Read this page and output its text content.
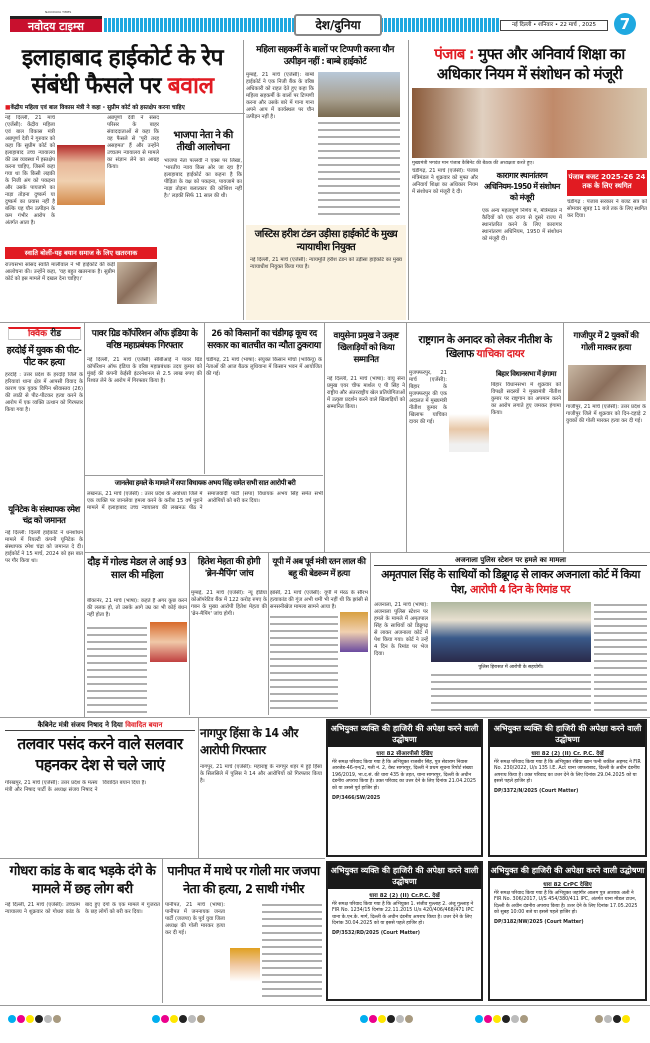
NAVODAYA TIMES
नवोदय टाइम्स	देश/दुनिया	नई दिल्ली • शनिवार • 22 मार्च , 2025	7
इलाहाबाद हाईकोर्ट के रेप
संबंधी फैसले पर बवाल
■केंद्रीय महिला एवं बाल विकास मंत्री ने कहा - सुप्रीम कोर्ट को हस्तक्षेप करना चाहिए
नई दिल्ली, 21 मार्च (एजेंसी): केंद्रीय महिला एवं बाल विकास मंत्री अन्नपूर्णा देवी ने गुरुवार को कहा कि सुप्रीम कोर्ट को इलाहाबाद उच्च न्यायालय की उस व्यवस्था में हस्तक्षेप करना चाहिए, जिसमें कहा गया था कि किसी लड़की के निजी अंग को पकड़ना और उसके पायजामे का नाड़ा तोड़ना दुष्कर्म या दुष्कर्म का प्रयास नहीं है बल्कि यह यौन उत्पीड़न के कम गंभीर आरोप के अंतर्गत आता है।
अन्नपूर्णा देवी ने संसद परिसर के बाहर संवाददाताओं से कहा कि वह फैसले से 'पूरी तरह असहमत' हैं और उन्होंने उच्चतम न्यायालय से मामले का संज्ञान लेने का आग्रह किया।
भाजपा नेता ने की तीखी आलोचना
भाजपा नेता पल्लवी ने एक्स पर लिखा, 'भारतीय न्याय किस ओर जा रहा है? इलाहाबाद हाईकोर्ट का कहना है कि पीड़िता के वक्ष को पकड़ना, पायजामे का नाड़ा तोड़ना बलात्कार की कोशिश नहीं है।' लड़की सिर्फ 11 साल की थी।
स्वाति बोलीं-यह बयान समाज के लिए खतरनाक
राज्यसभा सांसद स्वाति मालीवाल ने भी हाईकोर्ट की कड़ी आलोचना की। उन्होंने कहा, 'यह बहुत खतरनाक है। सुप्रीम कोर्ट को इस मामले में दखल देना चाहिए।'
महिला सहकर्मी के बालों पर टिप्पणी करना यौन उत्पीड़न नहीं : बाम्बे हाईकोर्ट
मुम्बई, 21 मार्च (एजेंसी): बाम्बे हाईकोर्ट ने एक निजी बैंक के वरिष्ठ अधिकारी को राहत देते हुए कहा कि महिला सहकर्मी के बालों पर टिप्पणी करना और उसके बारे में गाना गाना अपने आप में कार्यस्थल पर यौन उत्पीड़न नहीं है।
जस्टिस हरीश टंडन उड़ीसा हाईकोर्ट के मुख्य न्यायाधीश नियुक्त
नई दिल्ली, 21 मार्च (एजेंसी): न्यायमूर्ति हरीश टंडन को उड़ीसा हाईकोर्ट का मुख्य न्यायाधीश नियुक्त किया गया है।
पंजाब : मुफ्त और अनिवार्य शिक्षा का अधिकार नियम में संशोधन को मंजूरी
मुख्यमंत्री भगवंत मान पंजाब कैबिनेट की बैठक की अध्यक्षता करते हुए।
चंडीगढ़, 21 मार्च (एजेंसी): पंजाब मंत्रिमंडल ने शुक्रवार को मुफ्त और अनिवार्य शिक्षा का अधिकार नियम में संशोधन को मंजूरी दे दी।
कारागार स्थानांतरण अधिनियम-1950 में संशोधन को मंजूरी
एक अन्य महत्वपूर्ण निर्णय में, मंत्रिमंडल ने कैदियों को एक राज्य से दूसरे राज्य में स्थानांतरित करने के लिए कारागार स्थानांतरण अधिनियम, 1950 में संशोधन को मंजूरी दी।
पंजाब बजट 2025-26 24 तक के लिए स्थगित
चंडीगढ़ : पंजाब सरकार ने बजट सत्र को सोमवार सुबह 11 बजे तक के लिए स्थगित कर दिया।
क्विक रीड
हरदोई में युवक की पीट-पीट कर हत्या
हरदोई : उत्तर प्रदेश के हरदोई जिले के हरियावां थाना क्षेत्र में आपसी विवाद के कारण एक युवक विपिन श्रीवास्तव (26) की लाठी से पीट-पीटकर हत्या करने के आरोप में एक व्यक्ति उत्थान को गिरफ्तार किया गया है।
यूनिटेक के संस्थापक रमेश चंद्र को जमानत
नई दिल्ली: दिल्ली हाईकोर्ट ने धनशोधन मामले में रियल्टी कंपनी यूनिटेक के संस्थापक रमेश चंद्रा को जमानत दे दी। हाईकोर्ट ने 15 मार्च, 2024 को इस बात पर गौर किया था।
पावर ग्रिड कॉर्पोरेशन ऑफ इंडिया के वरिष्ठ महाप्रबंधक गिरफ्तार
नई दिल्ली, 21 मार्च (एजेंसी) सीबीआई ने पावर ग्रिड कॉर्पोरेशन ऑफ इंडिया के वरिष्ठ महाप्रबंधक उदय कुमार को मुंबई की कंपनी केईसी इंटरनेशनल से 2.5 लाख रुपए की रिश्वत लेने के आरोप में गिरफ्तार किया है।
26 को किसानों का चंडीगढ़ कूच रद सरकार का बातचीत का न्यौता ठुकराया
चंडीगढ़, 21 मार्च (भाषा): संयुक्त किसान मोर्चा (भाकियू) के नेताओं की आज बैठक लुधियाना में किसान भवन में आयोजित की गई।
जानलेवा हमले के मामले में सपा विधायक अभय सिंह समेत सभी सात आरोपी बरी
लखनऊ, 21 मार्च (एजेंसी) : उत्तर प्रदेश के अयोध्या जिले में एक व्यक्ति पर जानलेवा हमला करने के करीब 15 वर्ष पुराने मामले में इलाहाबाद उच्च न्यायालय की लखनऊ पीठ ने समाजवादी पार्टी (सपा) विधायक अभय सिंह समेत सभी आरोपियों को बरी कर दिया।
वायुसेना प्रमुख ने उत्कृष्ट खिलाड़ियों को किया सम्मानित
नई दिल्ली, 21 मार्च (भाषा): वायु सेना प्रमुख एयर चीफ मार्शल ए पी सिंह ने राष्ट्रीय और अंतरराष्ट्रीय खेल प्रतियोगिताओं में उत्कृष्ट प्रदर्शन करने वाले खिलाड़ियों को सम्मानित किया।
राष्ट्रगान के अनादर को लेकर नीतीश के खिलाफ याचिका दायर
मुजफ्फरपुर, 21 मार्च (एजेंसी): बिहार के मुजफ्फरपुर की एक अदालत में मुख्यमंत्री नीतीश कुमार के खिलाफ याचिका दायर की गई।
बिहार विधानसभा में हंगामा
बिहार विधानसभा में शुक्रवार को विपक्षी सदस्यों ने मुख्यमंत्री नीतीश कुमार पर राष्ट्रगान का अपमान करने का आरोप लगाते हुए जमकर हंगामा किया।
गाजीपुर में 2 युवकों की गोली मारकर हत्या
गाजीपुर, 21 मार्च (एजेंसी): उत्तर प्रदेश के गाजीपुर जिले में शुक्रवार को दिन-दहाड़े 2 युवकों की गोली मारकर हत्या कर दी गई।
दौड़ में गोल्ड मेडल ले आई 93 साल की महिला
बीकानेर, 21 मार्च (भाषा): कहते हैं अगर कुछ करने की ललक हो, तो उसके आगे उम्र का भी कोई बंधन नहीं होता है।
हितेश मेहता की होगी 'ब्रेन-मैपिंग' जांच
मुम्बई, 21 मार्च (एजेंसी): न्यू इंडिया कोऑपरेटिव बैंक में 122 करोड़ रुपए के गबन के मुख्य आरोपी हितेश मेहता की 'ब्रेन-मैपिंग' जांच होगी।
यूपी में अब पूर्व मंत्री रतन लाल की बहू की बेडरूम में हत्या
झांसी, 21 मार्च (एजेंसी): यूपी में मेरठ के सौरभ हत्याकांड की गूंज अभी थमी भी नहीं थी कि झांसी से सनसनीखेज मामला सामने आया है।
अजनाला पुलिस स्टेशन पर हमले का मामला
अमृतपाल सिंह के साथियों को डिब्रूगढ़ से लाकर अजनाला कोर्ट में किया पेश, आरोपी 4 दिन के रिमांड पर
अजनाला, 21 मार्च (भाषा): अजनाला पुलिस स्टेशन पर हमले के मामले में अमृतपाल सिंह के साथियों को डिब्रूगढ़ से लाकर अजनाला कोर्ट में पेश किया गया। कोर्ट ने उन्हें 4 दिन के रिमांड पर भेज दिया।
पुलिस हिरासत में आरोपी के सहयोगी।
कैबिनेट मंत्री संजय निषाद ने दिया विवादित बयान
तलवार पसंद करने वाले सलवार पहनकर देश से चले जाएं
गोरखपुर, 21 मार्च (एजेंसी): उत्तर प्रदेश के मत्स्य मंत्री और निषाद पार्टी के अध्यक्ष संजय निषाद ने विवादित बयान दिया है।
नागपुर हिंसा के 14 और आरोपी गिरफ्तार
नागपुर, 21 मार्च (एजेंसी): महाराष्ट्र के नागपुर शहर में हुई हिंसा के सिलसिले में पुलिस ने 14 और आरोपियों को गिरफ्तार किया है।
गोधरा कांड के बाद भड़के दंगे के मामले में छह लोग बरी
नई दिल्ली, 21 मार्च (एजेंसी): उच्चतम न्यायालय ने शुक्रवार को गोधरा कांड के बाद हुए दंगों के एक मामले में गुजरात के छह लोगों को बरी कर दिया।
पानीपत में माथे पर गोली मार जजपा नेता की हत्या, 2 साथी गंभीर
पानीपत, 21 मार्च (भाषा): पानीपत में जननायक जनता पार्टी (जजपा) के पूर्व युवा जिला अध्यक्ष की गोली मारकर हत्या कर दी गई।
अभियुक्त व्यक्ति की हाजिरी की अपेक्षा करने वाली उद्घोषणा
धारा 82 सीआरपीसी देखिए
मेरे समक्ष परिवाद किया गया है कि अभियुक्त राजबीर सिंह, पुत्र सेवाराम निवास आरजेड-46-एन/2, गली नं. 2, वेस्ट सागरपुर, दिल्ली ने प्रथम सूचना रिपोर्ट संख्या 196/2019, भा.द.सं. की धारा 435 के तहत, थाना सागरपुर, दिल्ली के अधीन दंडनीय अपराध किया है। उक्त परिवाद का उत्तर देने के लिए दिनांक 21.04.2025 को या उससे पूर्व हाजिर हो।
DP/3466/SW/2025
अभियुक्त व्यक्ति की हाजिरी की अपेक्षा करने वाली उद्घोषणा
धारा 82 (2) (II) Cr. P.C. देखें
मेरे समक्ष परिवाद किया गया है कि अभियुक्त रबिया खान पत्नी शकील अहमद ने FIR No. 230/2022, U/s 135 I.E. Act थाना जाफराबाद, दिल्ली के अधीन दंडनीय अपराध किया है। उक्त परिवाद का उत्तर देने के लिए दिनांक 29.04.2025 को या इससे पहले हाजिर हो।
DP/3372/N/2025 (Court Matter)
अभियुक्त व्यक्ति की हाजिरी की अपेक्षा करने वाली उद्घोषणा
धारा 82 (2) (II) Cr.P.C. देखें
मेरे समक्ष परिवाद किया गया है कि अभियुक्त 1. संजीव गुल्लाह 2. अंजू गुल्लाह ने FIR No. 1234/15 दिनांक 22.11.2015 U/s 420/406/468/471 IPC थाना के.एन.के. मार्ग, दिल्ली के अधीन दंडनीय अपराध किया है। उत्तर देने के लिए दिनांक 30.04.2025 को या इससे पहले हाजिर हो।
DP/3532/RD/2025 (Court Matter)
अभियुक्त की हाजिरी की अपेक्षा करने वाली उद्घोषणा
धारा 82 CrPC देखिए
मेरे समक्ष परिवाद किया गया है कि अभियुक्त जहांगीर आलम पुत्र आशाक अली ने FIR No. 306/2017, U/S 454/380/411 IPC, अंतर्गत थाना मौडल टाउन, दिल्ली के अधीन दंडनीय अपराध किया है। उत्तर देने के लिए दिनांक 17.05.2025 को सुबह 10:00 बजे या इससे पहले हाजिर हो।
DP/3182/NW/2025 (Court Matter)
